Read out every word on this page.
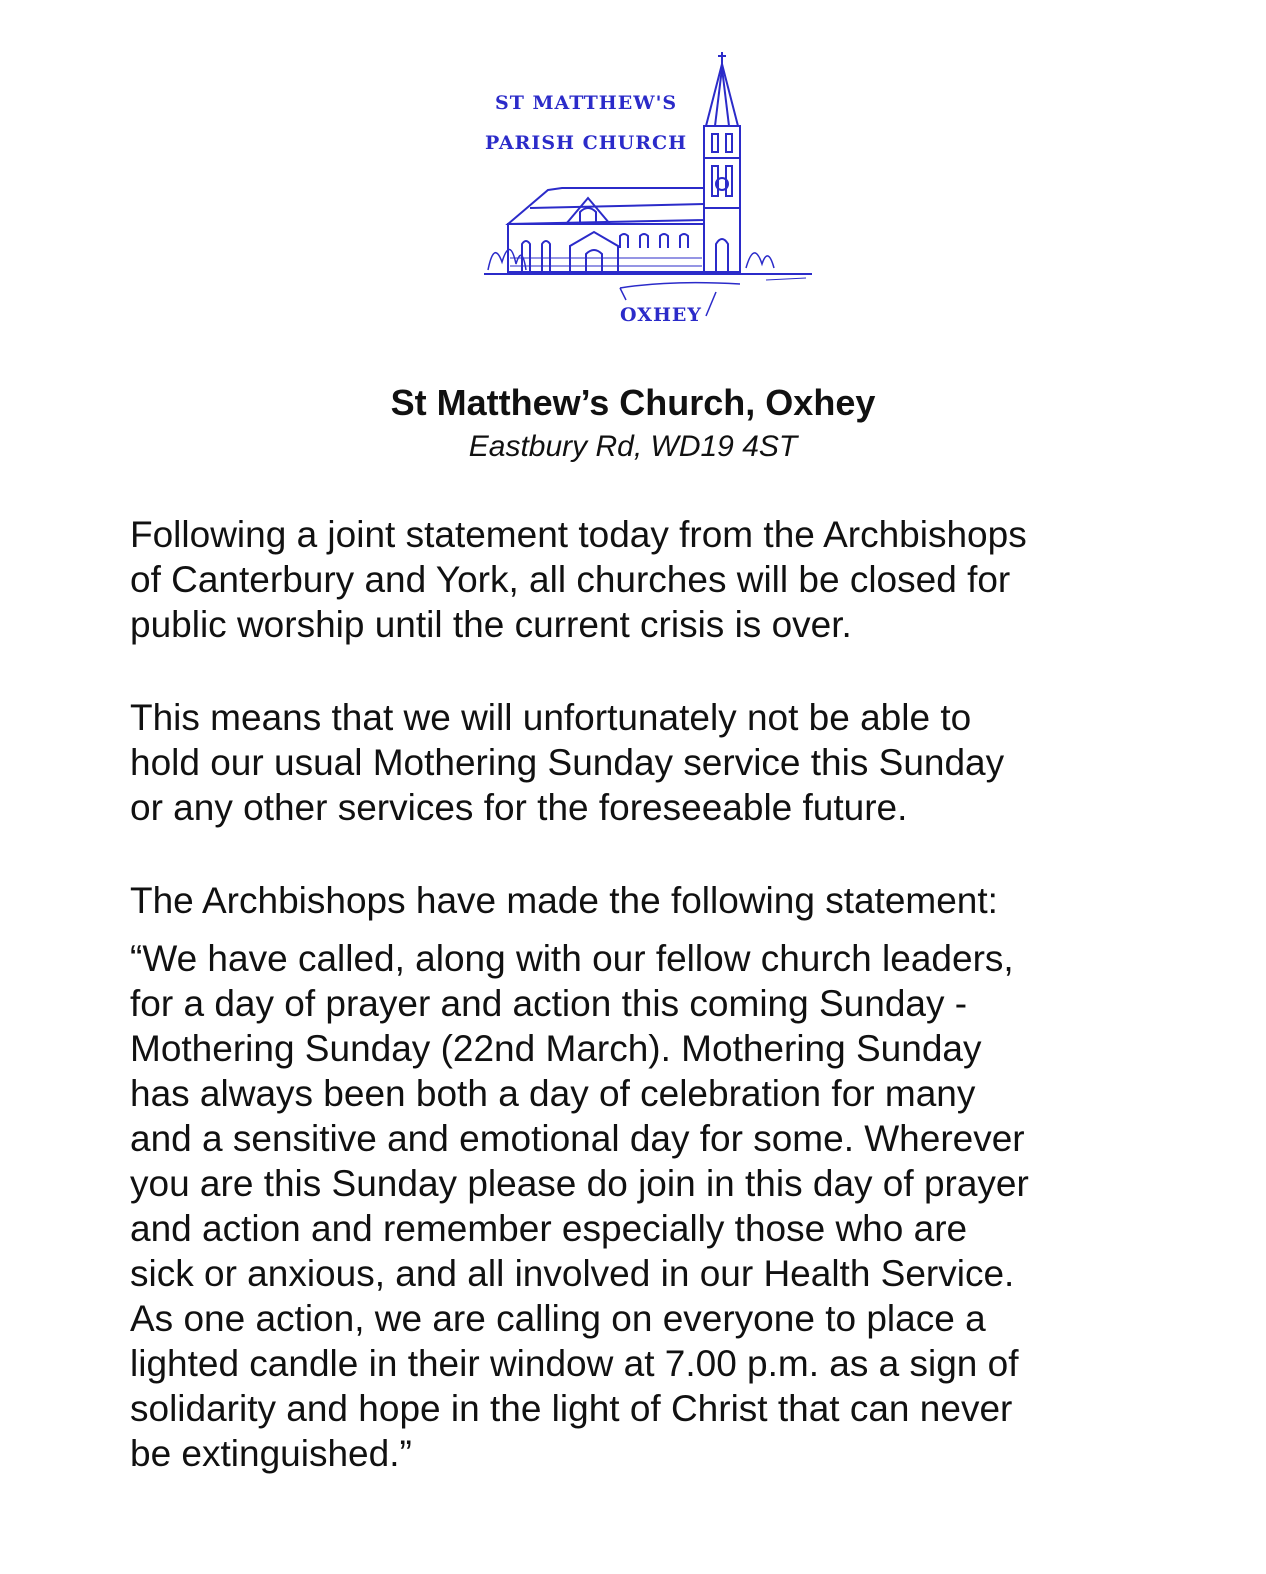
ST MATTHEW'S
PARISH CHURCH
OXHEY
St Matthew’s Church, Oxhey
Eastbury Rd, WD19 4ST

Following a joint statement today from the Archbishops

of Canterbury and York, all churches will be closed for

public worship until the current crisis is over.

This means that we will unfortunately not be able to

hold our usual Mothering Sunday service this Sunday

or any other services for the foreseeable future.

The Archbishops have made the following statement:

“We have called, along with our fellow church leaders,

for a day of prayer and action this coming Sunday -

Mothering Sunday (22nd March). Mothering Sunday

has always been both a day of celebration for many

and a sensitive and emotional day for some. Wherever

you are this Sunday please do join in this day of prayer

and action and remember especially those who are

sick or anxious, and all involved in our Health Service.

As one action, we are calling on everyone to place a

lighted candle in their window at 7.00 p.m. as a sign of

solidarity and hope in the light of Christ that can never

be extinguished.”
